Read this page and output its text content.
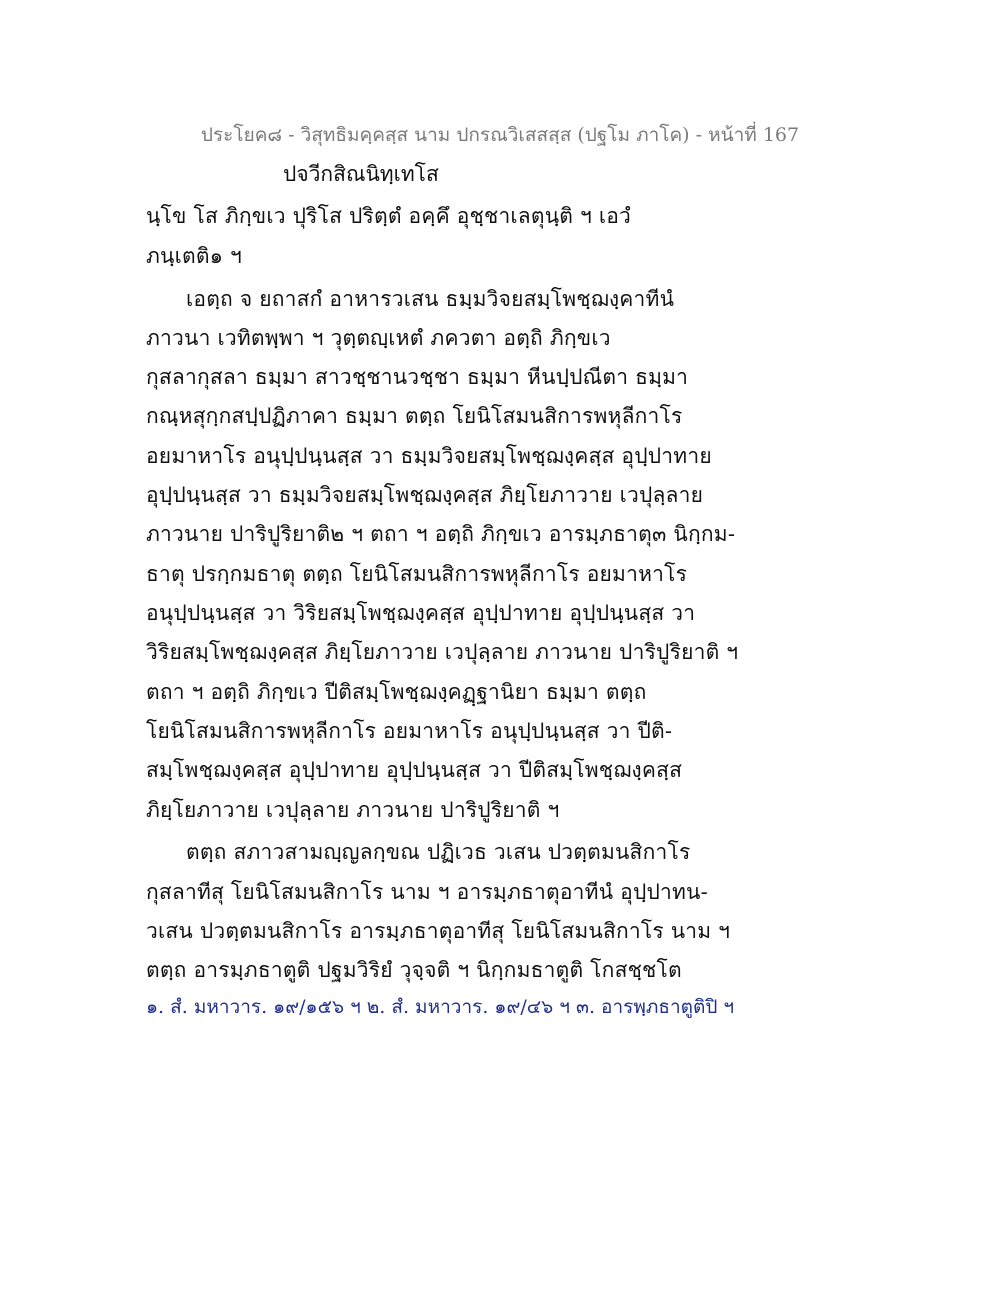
ประโยค๘ - วิสุทธิมคฺคสฺส นาม ปกรณวิเสสสฺส (ปฐโม ภาโค) - หน้าที่ 167
ปจวีกสิณนิทฺเทโส
นฺโข โส ภิกฺขเว ปุริโส ปริตฺตํ อคฺคึ อุชฺชาเลตุนฺติ ฯ เอวํ
ภนฺเตติ๑ ฯ
เอตฺถ จ ยถาสกํ อาหารวเสน ธมฺมวิจยสมฺโพชฺฌงฺคาทีนํ
ภาวนา เวทิตพฺพา ฯ วุตฺตญฺเหตํ ภควตา อตฺถิ ภิกฺขเว
กุสลากุสลา ธมฺมา สาวชฺชานวชฺชา ธมฺมา หีนปฺปณีตา ธมฺมา
กณฺหสุกฺกสปฺปฏิภาคา ธมฺมา ตตฺถ โยนิโสมนสิการพหุลีกาโร
อยมาหาโร อนุปฺปนฺนสฺส วา ธมฺมวิจยสมฺโพชฺฌงฺคสฺส อุปฺปาทาย
อุปฺปนฺนสฺส วา ธมฺมวิจยสมฺโพชฺฌงฺคสฺส ภิยฺโยภาวาย เวปุลฺลาย
ภาวนาย ปาริปูริยาติ๒ ฯ ตถา ฯ อตฺถิ ภิกฺขเว อารมฺภธาตุ๓ นิกฺกม-
ธาตุ ปรกฺกมธาตุ ตตฺถ โยนิโสมนสิการพหุลีกาโร อยมาหาโร
อนุปฺปนฺนสฺส วา วิริยสมฺโพชฺฌงฺคสฺส อุปฺปาทาย อุปฺปนฺนสฺส วา
วิริยสมฺโพชฺฌงฺคสฺส ภิยฺโยภาวาย เวปุลฺลาย ภาวนาย ปาริปูริยาติ ฯ
ตถา ฯ อตฺถิ ภิกฺขเว ปีติสมฺโพชฺฌงฺคฏฺฐานิยา ธมฺมา ตตฺถ
โยนิโสมนสิการพหุลีกาโร อยมาหาโร อนุปฺปนฺนสฺส วา ปีติ-
สมฺโพชฺฌงฺคสฺส อุปฺปาทาย อุปฺปนฺนสฺส วา ปีติสมฺโพชฺฌงฺคสฺส
ภิยฺโยภาวาย เวปุลฺลาย ภาวนาย ปาริปูริยาติ ฯ
ตตฺถ สภาวสามญฺญลกฺขณ ปฏิเวธ วเสน ปวตฺตมนสิกาโร
กุสลาทีสุ โยนิโสมนสิกาโร นาม ฯ อารมฺภธาตุอาทีนํ อุปฺปาทน-
วเสน ปวตฺตมนสิกาโร อารมฺภธาตุอาทีสุ โยนิโสมนสิกาโร นาม ฯ
ตตฺถ อารมฺภธาตูติ ปฐมวิริยํ วุจฺจติ ฯ นิกฺกมธาตูติ โกสชฺชโต
๑. สํ. มหาวาร. ๑๙/๑๕๖ ฯ ๒. สํ. มหาวาร. ๑๙/๔๖ ฯ ๓. อารพฺภธาตูติปิ ฯ
